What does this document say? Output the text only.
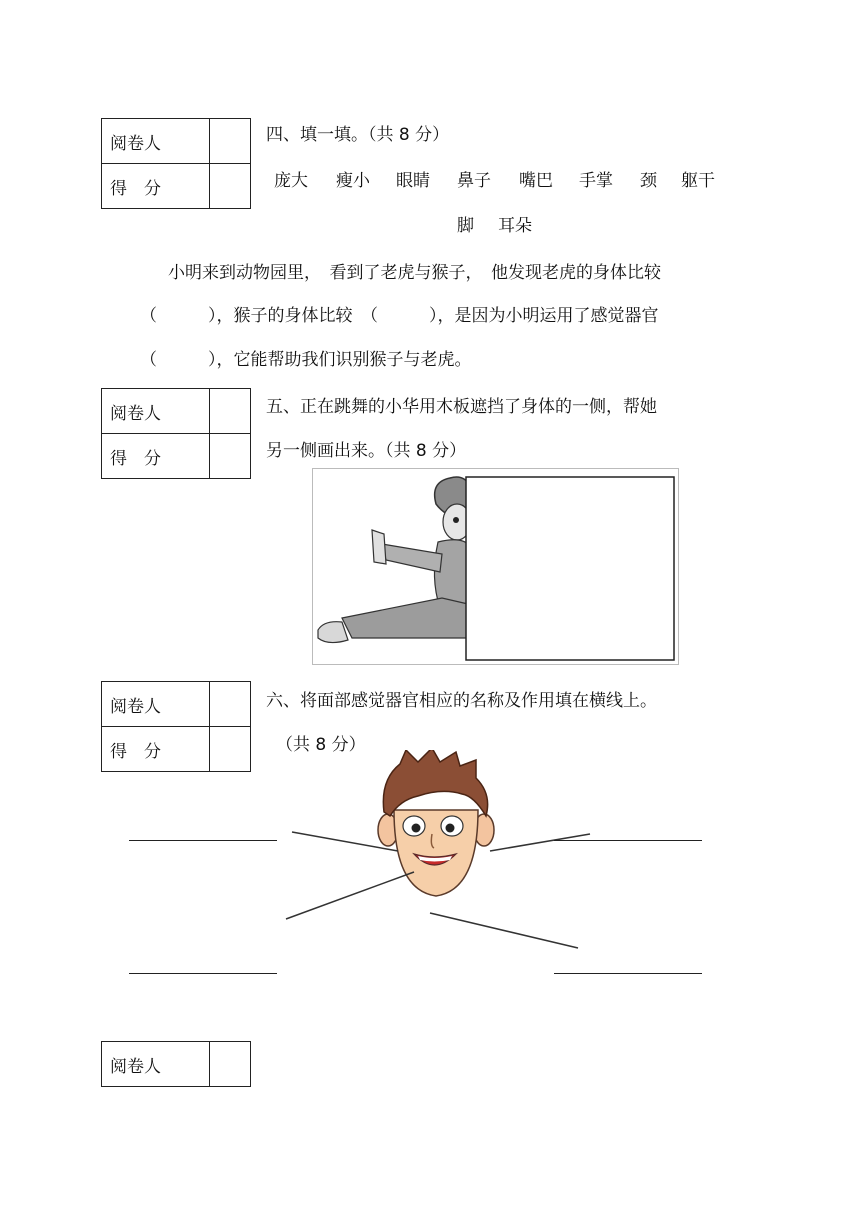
阅卷人	
得　分	
四、填一填。（共 8 分）
庞大 瘦小 眼睛 鼻子 嘴巴 手掌 颈 躯干
脚 耳朵
小明来到动物园里，　看到了老虎与猴子，　他发现老虎的身体比较
（　　　），猴子的身体比较　（　　　），是因为小明运用了感觉器官
（　　　），它能帮助我们识别猴子与老虎。
阅卷人	
得　分	
五、正在跳舞的小华用木板遮挡了身体的一侧，帮她
另一侧画出来。（共 8 分）
阅卷人	
得　分	
六、将面部感觉器官相应的名称及作用填在横线上。
（共 8 分）
阅卷人	
